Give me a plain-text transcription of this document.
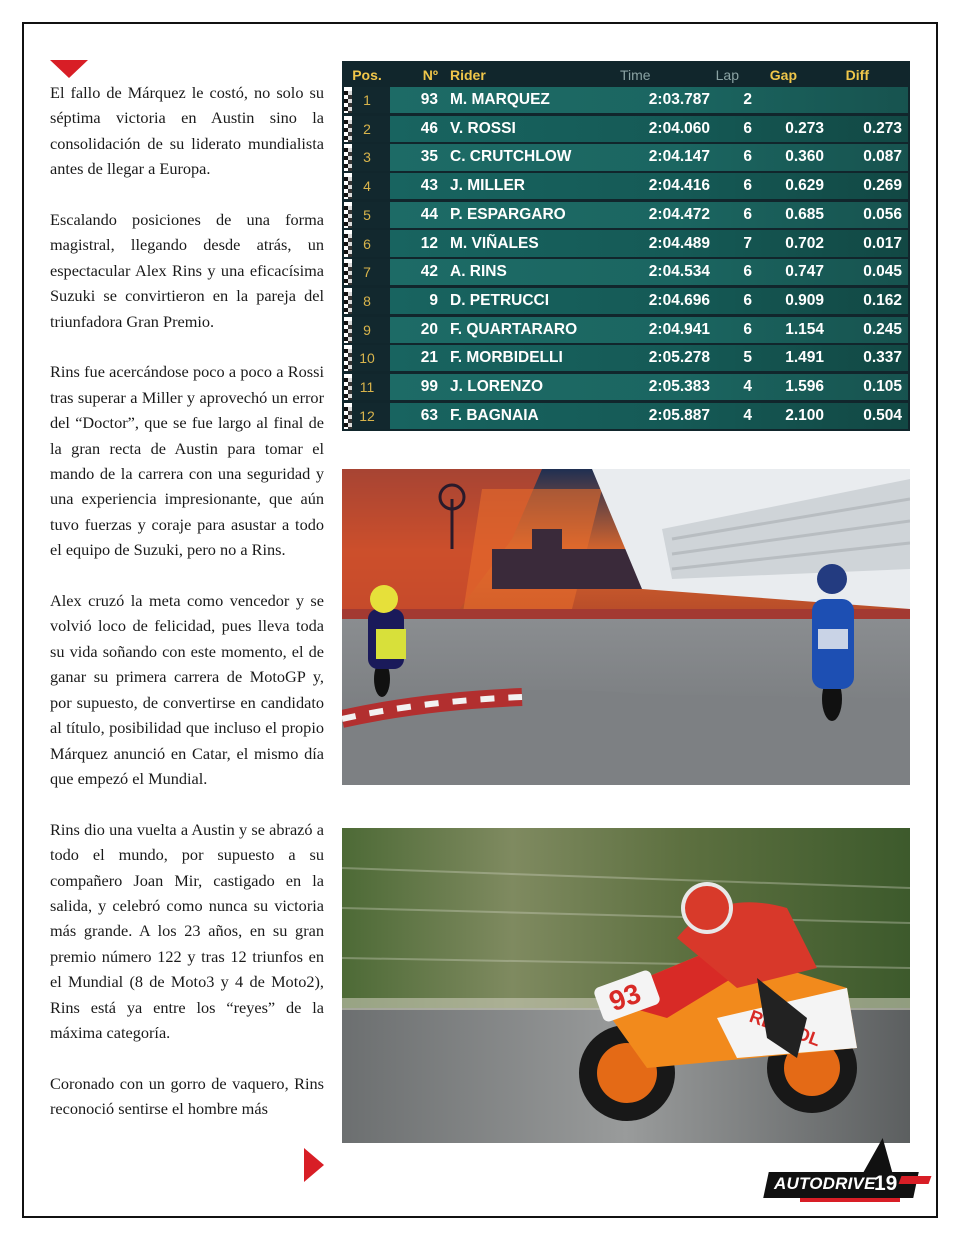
El fallo de Márquez le costó, no solo su séptima victoria en Austin sino la consolidación de su liderato mundialista antes de llegar a Europa.

Escalando posiciones de una forma magistral, llegando desde atrás, un espectacular Alex Rins y una eficacísima Suzuki se convirtieron en la pareja del triunfadora Gran Premio.

Rins fue acercándose poco a poco a Rossi tras superar a Miller y aprovechó un error del “Doctor”, que se fue largo al final de la gran recta de Austin para tomar el mando de la carrera con una seguridad y una experiencia impresionante, que aún tuvo fuerzas y coraje para asustar a todo el equipo de Suzuki, pero no a Rins.

Alex cruzó la meta como vencedor y se volvió loco de felicidad, pues lleva toda su vida soñando con este momento, el de ganar su primera carrera de MotoGP y, por supuesto, de convertirse en candidato al título, posibilidad que incluso el propio Márquez anunció en Catar, el mismo día que empezó el Mundial.

Rins dio una vuelta a Austin y se abrazó a todo el mundo, por supuesto a su compañero Joan Mir, castigado en la salida, y celebró como nunca su victoria más grande. A los 23 años, en su gran premio número 122 y tras 12 triunfos en el Mundial (8 de Moto3 y 4 de Moto2), Rins está ya entre los “reyes” de la máxima categoría.

Coronado con un gorro de vaquero, Rins reconoció sentirse el hombre más

Pos.	Nº Rider	Time	Lap	Gap	Diff
1	93 M. MARQUEZ	2:03.787	2
2	46 V. ROSSI	2:04.060	6	0.273	0.273
3	35 C. CRUTCHLOW	2:04.147	6	0.360	0.087
4	43 J. MILLER	2:04.416	6	0.629	0.269
5	44 P. ESPARGARO	2:04.472	6	0.685	0.056
6	12 M. VIÑALES	2:04.489	7	0.702	0.017
7	42 A. RINS	2:04.534	6	0.747	0.045
8	9 D. PETRUCCI	2:04.696	6	0.909	0.162
9	20 F. QUARTARARO	2:04.941	6	1.154	0.245
10	21 F. MORBIDELLI	2:05.278	5	1.491	0.337
11	99 J. LORENZO	2:05.383	4	1.596	0.105
12	63 F. BAGNAIA	2:05.887	4	2.100	0.504
93
AUTODRIVE
19
